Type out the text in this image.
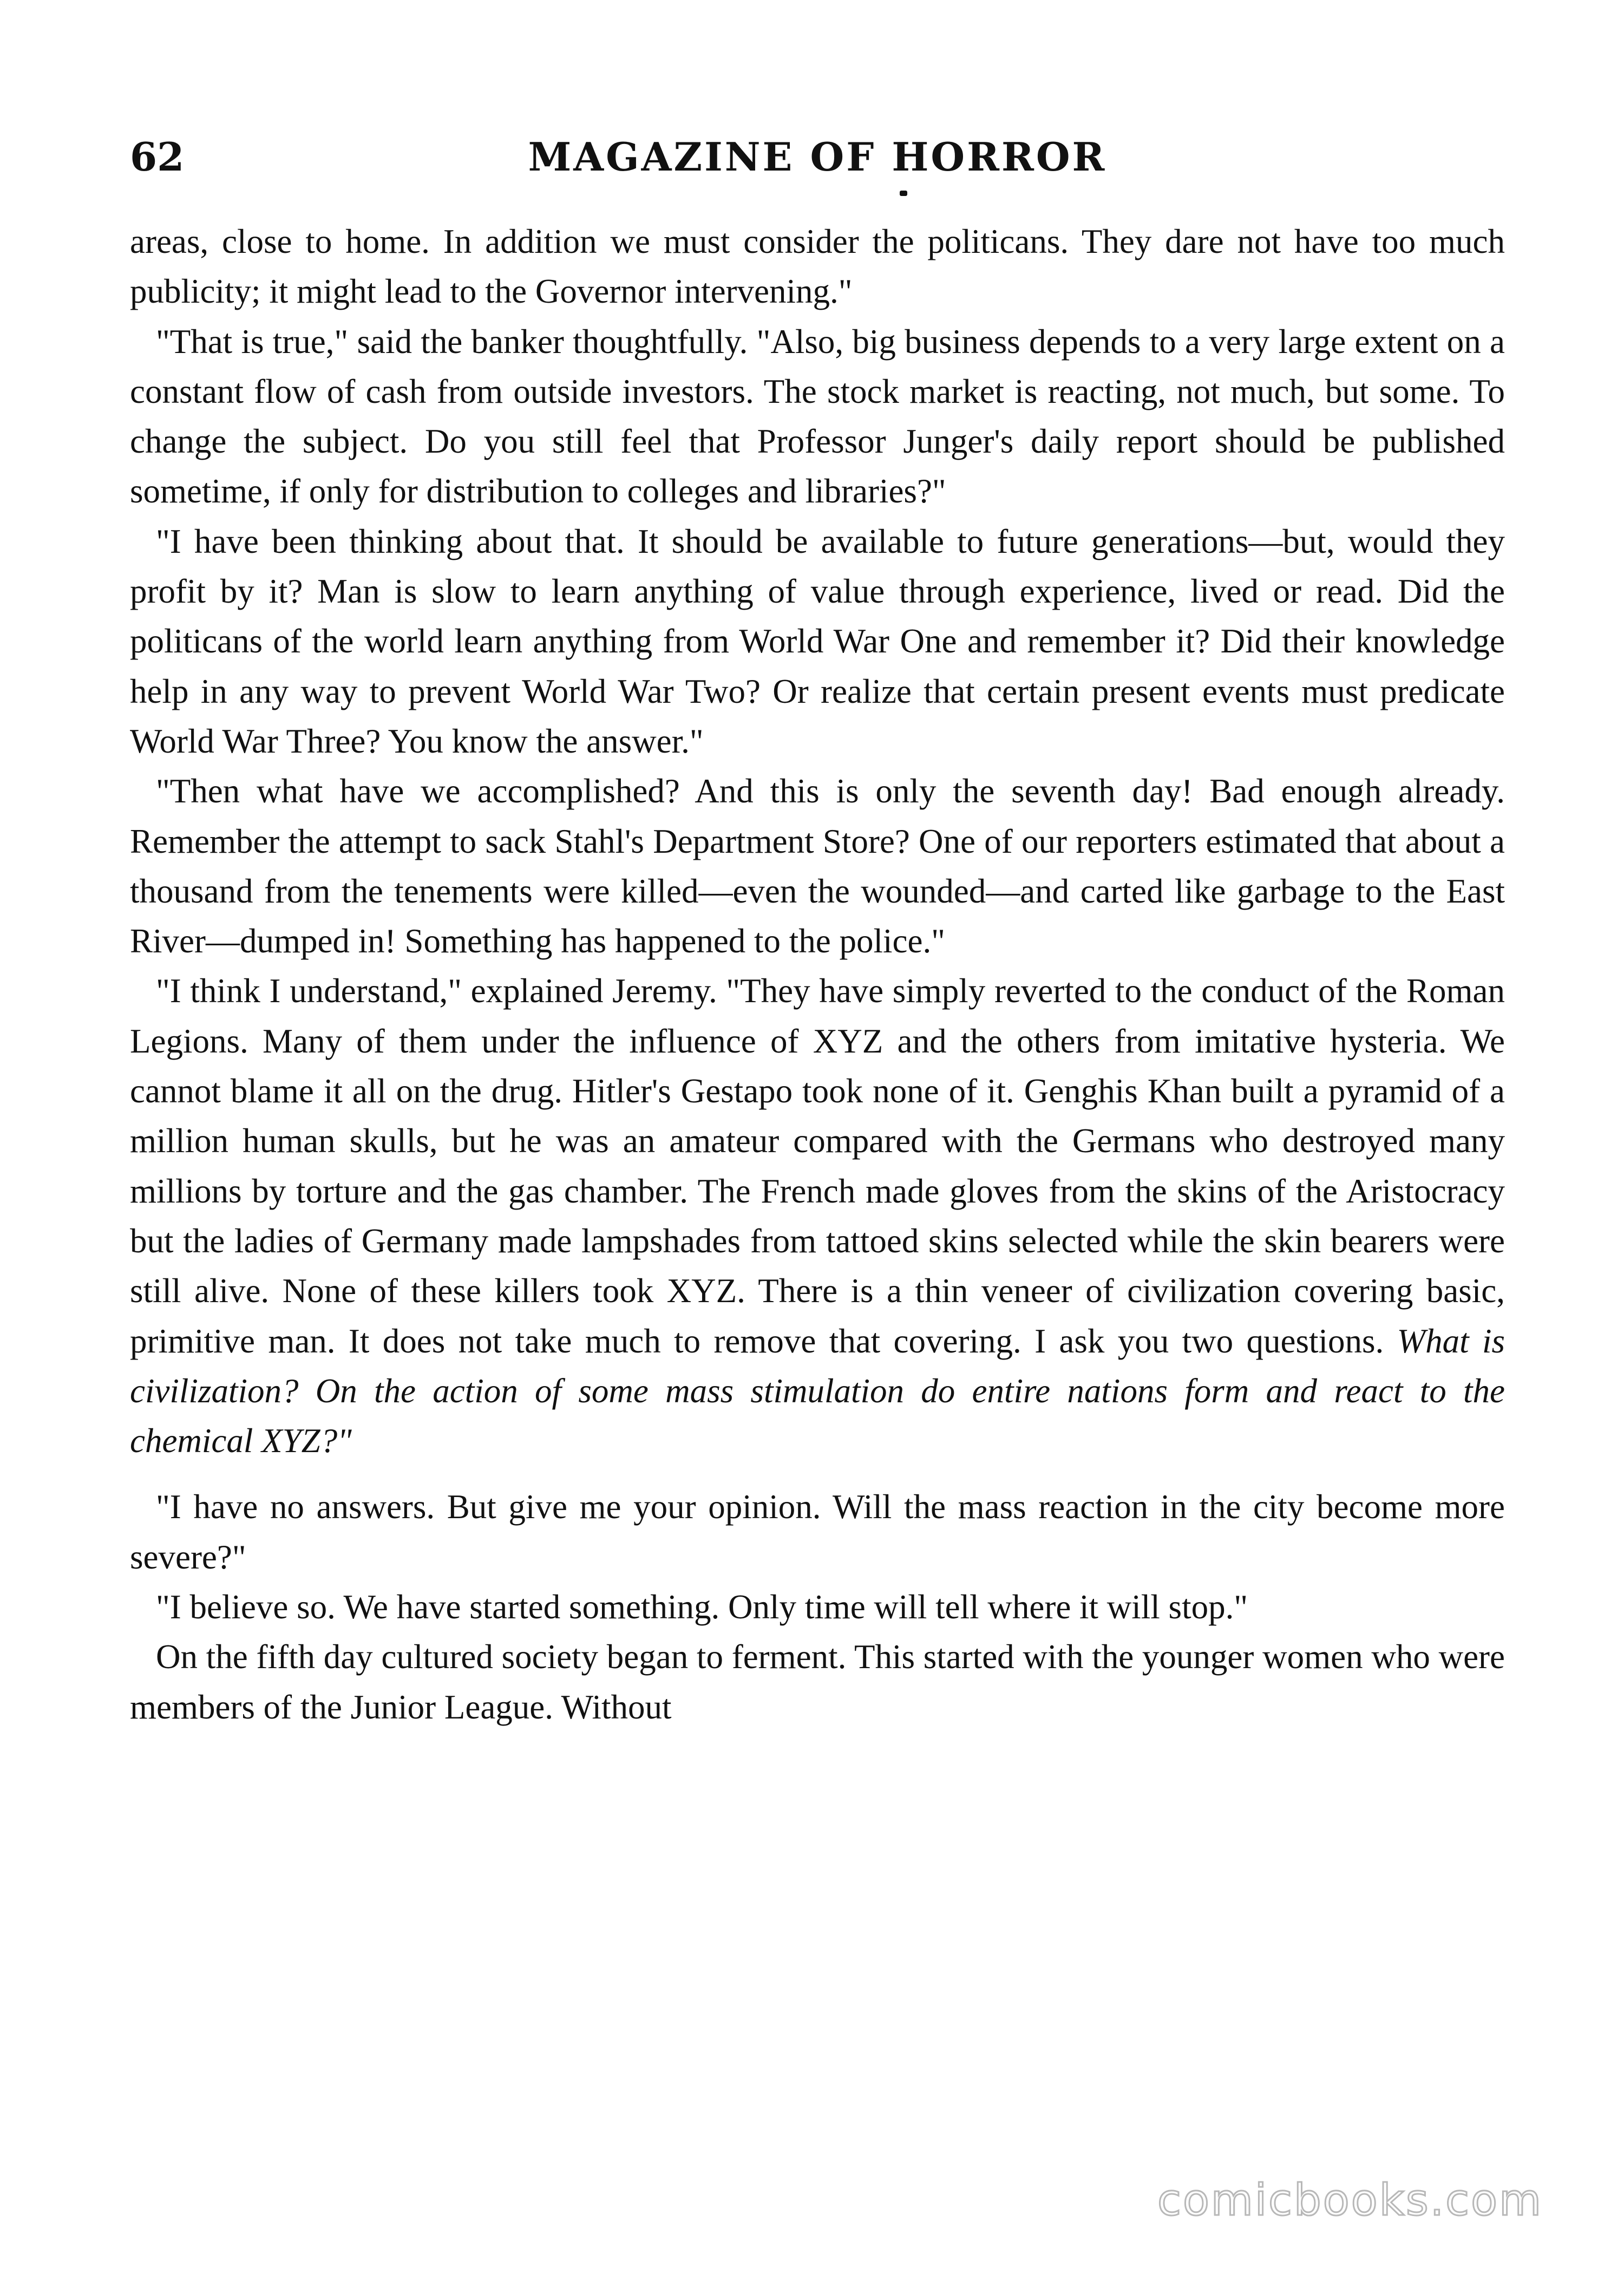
62	MAGAZINE OF HORROR

areas, close to home. In addition we must consider the politicans. They dare not have too much publicity; it might lead to the Governor intervening."

"That is true," said the banker thoughtfully. "Also, big business depends to a very large extent on a constant flow of cash from outside investors. The stock market is reacting, not much, but some. To change the subject. Do you still feel that Professor Junger's daily report should be published sometime, if only for distribution to colleges and libraries?"

"I have been thinking about that. It should be available to future generations—but, would they profit by it? Man is slow to learn anything of value through experience, lived or read. Did the politicans of the world learn anything from World War One and remember it? Did their knowledge help in any way to prevent World War Two? Or realize that certain present events must predicate World War Three? You know the answer."

"Then what have we accomplished? And this is only the seventh day! Bad enough already. Remember the attempt to sack Stahl's Department Store? One of our reporters estimated that about a thousand from the tenements were killed—even the wounded—and carted like garbage to the East River—dumped in! Something has happened to the police."

"I think I understand," explained Jeremy. "They have simply reverted to the conduct of the Roman Legions. Many of them under the influence of XYZ and the others from imitative hysteria. We cannot blame it all on the drug. Hitler's Gestapo took none of it. Genghis Khan built a pyramid of a million human skulls, but he was an amateur compared with the Germans who destroyed many millions by torture and the gas chamber. The French made gloves from the skins of the Aristocracy but the ladies of Germany made lampshades from tattoed skins selected while the skin bearers were still alive. None of these killers took XYZ. There is a thin veneer of civilization covering basic, primitive man. It does not take much to remove that covering. I ask you two questions. What is civilization? On the action of some mass stimulation do entire nations form and react to the chemical XYZ?"

"I have no answers. But give me your opinion. Will the mass reaction in the city become more severe?"

"I believe so. We have started something. Only time will tell where it will stop."

On the fifth day cultured society began to ferment. This started with the younger women who were members of the Junior League. Without

comicbooks.com
